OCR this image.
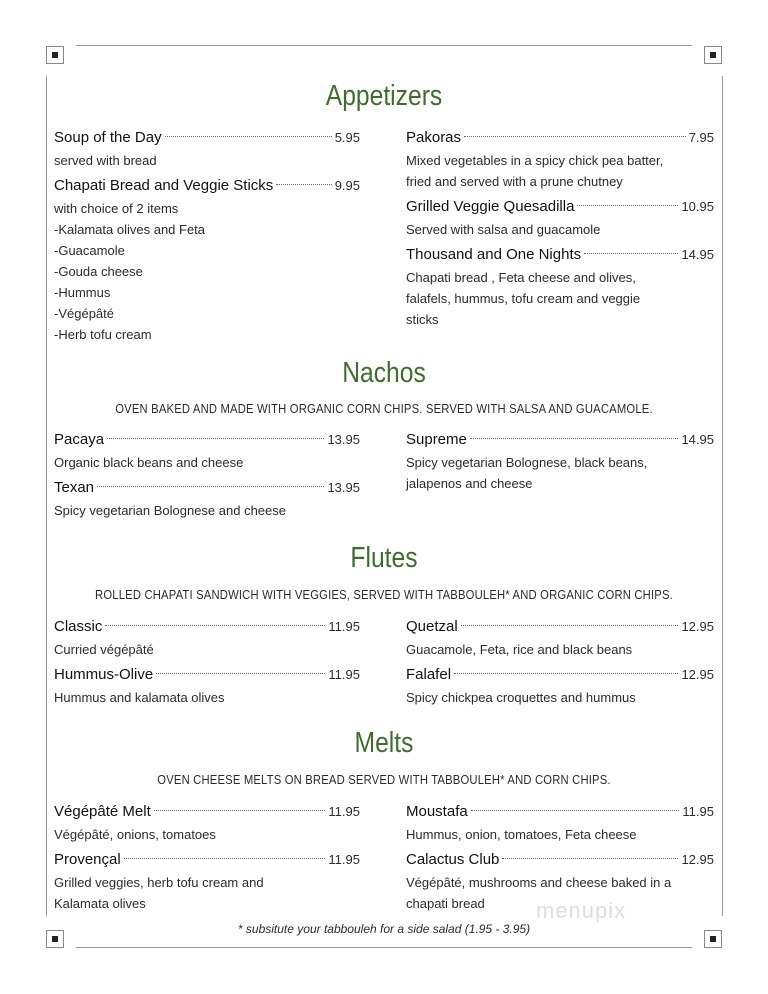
Appetizers
Soup of the Day	5.95
served with bread
Chapati Bread and Veggie Sticks	9.95
with choice of 2 items
-Kalamata olives and Feta
-Guacamole
-Gouda cheese
-Hummus
-Végépâté
-Herb tofu cream
Pakoras	7.95
Mixed vegetables in a spicy chick pea batter,
fried and served with a prune chutney
Grilled Veggie Quesadilla	10.95
Served with salsa and guacamole
Thousand and One Nights	14.95
Chapati bread , Feta cheese and olives,
falafels, hummus, tofu cream and veggie
sticks
Nachos
OVEN BAKED AND MADE WITH ORGANIC CORN CHIPS. SERVED WITH SALSA AND GUACAMOLE.
Pacaya	13.95
Organic black beans and cheese
Texan	13.95
Spicy vegetarian Bolognese and cheese
Supreme	14.95
Spicy vegetarian Bolognese, black beans,
jalapenos and cheese
Flutes
ROLLED CHAPATI SANDWICH WITH VEGGIES, SERVED WITH TABBOULEH* AND ORGANIC CORN CHIPS.
Classic	11.95
Curried végépâté
Hummus-Olive	11.95
Hummus and kalamata olives
Quetzal	12.95
Guacamole, Feta, rice and black beans
Falafel	12.95
Spicy chickpea croquettes and hummus
Melts
OVEN CHEESE MELTS ON BREAD SERVED WITH TABBOULEH* AND CORN CHIPS.
Végépâté Melt	11.95
Végépâté, onions, tomatoes
Provençal	11.95
Grilled veggies, herb tofu cream and
Kalamata olives
Moustafa	11.95
Hummus, onion, tomatoes, Feta cheese
Calactus Club	12.95
Végépâté, mushrooms and cheese baked in a
chapati bread
* subsitute your tabbouleh for a side salad (1.95 - 3.95)
menupix
